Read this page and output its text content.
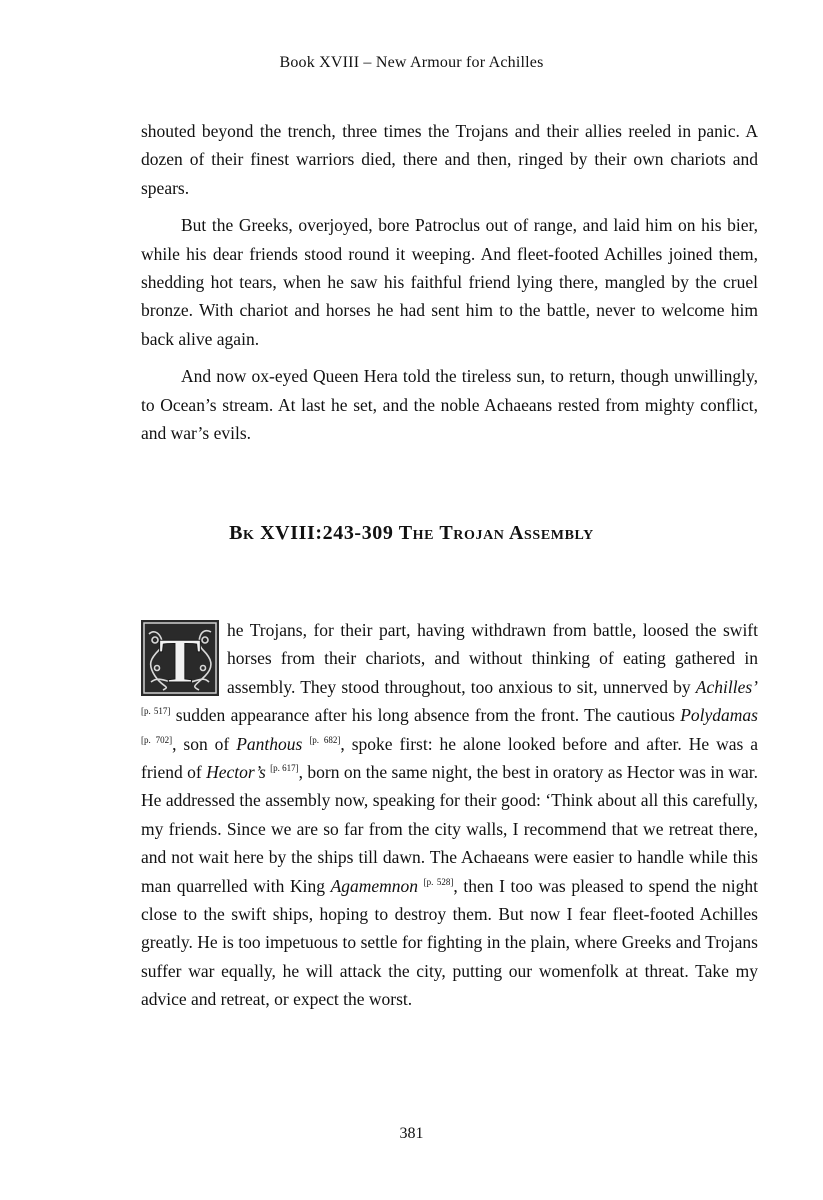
Book XVIII – New Armour for Achilles

shouted beyond the trench, three times the Trojans and their allies reeled in panic. A dozen of their finest warriors died, there and then, ringed by their own chariots and spears.

But the Greeks, overjoyed, bore Patroclus out of range, and laid him on his bier, while his dear friends stood round it weeping. And fleet-footed Achilles joined them, shedding hot tears, when he saw his faithful friend lying there, mangled by the cruel bronze. With chariot and horses he had sent him to the battle, never to welcome him back alive again.

And now ox-eyed Queen Hera told the tireless sun, to return, though unwillingly, to Ocean’s stream. At last he set, and the noble Achaeans rested from mighty conflict, and war’s evils.

Bk XVIII:243-309 The Trojan Assembly

T he Trojans, for their part, having withdrawn from battle, loosed the swift horses from their chariots, and without thinking of eating gathered in assembly. They stood throughout, too anxious to sit, unnerved by Achilles’ [p. 517] sudden appearance after his long absence from the front. The cautious Polydamas [p. 702], son of Panthous [p. 682], spoke first: he alone looked before and after. He was a friend of Hector’s [p. 617], born on the same night, the best in oratory as Hector was in war. He addressed the assembly now, speaking for their good: ‘Think about all this carefully, my friends. Since we are so far from the city walls, I recommend that we retreat there, and not wait here by the ships till dawn. The Achaeans were easier to handle while this man quarrelled with King Agamemnon [p. 528], then I too was pleased to spend the night close to the swift ships, hoping to destroy them. But now I fear fleet-footed Achilles greatly. He is too impetuous to settle for fighting in the plain, where Greeks and Trojans suffer war equally, he will attack the city, putting our womenfolk at threat. Take my advice and retreat, or expect the worst.

381
